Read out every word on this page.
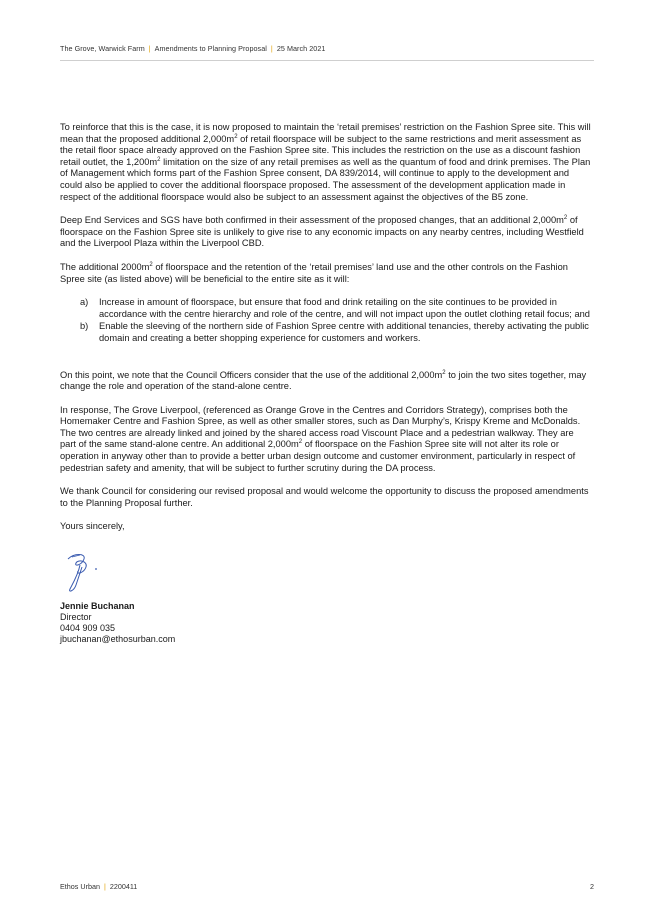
The Grove, Warwick Farm | Amendments to Planning Proposal | 25 March 2021

To reinforce that this is the case, it is now proposed to maintain the ‘retail premises’ restriction on the Fashion Spree site. This will mean that the proposed additional $2,000m^2$ of retail floorspace will be subject to the same restrictions and merit assessment as the retail floor space already approved on the Fashion Spree site. This includes the restriction on the use as a discount fashion retail outlet, the $1,200m^2$ limitation on the size of any retail premises as well as the quantum of food and drink premises. The Plan of Management which forms part of the Fashion Spree consent, DA 839/2014, will continue to apply to the development and could also be applied to cover the additional floorspace proposed. The assessment of the development application made in respect of the additional floorspace would also be subject to an assessment against the objectives of the B5 zone.

Deep End Services and SGS have both confirmed in their assessment of the proposed changes, that an additional $2,000m^2$ of floorspace on the Fashion Spree site is unlikely to give rise to any economic impacts on any nearby centres, including Westfield and the Liverpool Plaza within the Liverpool CBD.

The additional $2000m^2$ of floorspace and the retention of the ‘retail premises’ land use and the other controls on the Fashion Spree site (as listed above) will be beneficial to the entire site as it will:

a)	Increase in amount of floorspace, but ensure that food and drink retailing on the site continues to be provided in accordance with the centre hierarchy and role of the centre, and will not impact upon the outlet clothing retail focus; and
b)	Enable the sleeving of the northern side of Fashion Spree centre with additional tenancies, thereby activating the public domain and creating a better shopping experience for customers and workers.

On this point, we note that the Council Officers consider that the use of the additional $2,000m^2$ to join the two sites together, may change the role and operation of the stand-alone centre.

In response, The Grove Liverpool, (referenced as Orange Grove in the Centres and Corridors Strategy), comprises both the Homemaker Centre and Fashion Spree, as well as other smaller stores, such as Dan Murphy’s, Krispy Kreme and McDonalds. The two centres are already linked and joined by the shared access road Viscount Place and a pedestrian walkway. They are part of the same stand-alone centre. An additional $2,000m^2$ of floorspace on the Fashion Spree site will not alter its role or operation in anyway other than to provide a better urban design outcome and customer environment, particularly in respect of pedestrian safety and amenity, that will be subject to further scrutiny during the DA process.

We thank Council for considering our revised proposal and would welcome the opportunity to discuss the proposed amendments to the Planning Proposal further.

Yours sincerely,

Jennie Buchanan
Director
0404 909 035
jbuchanan@ethosurban.com
Ethos Urban | 2200411	2
